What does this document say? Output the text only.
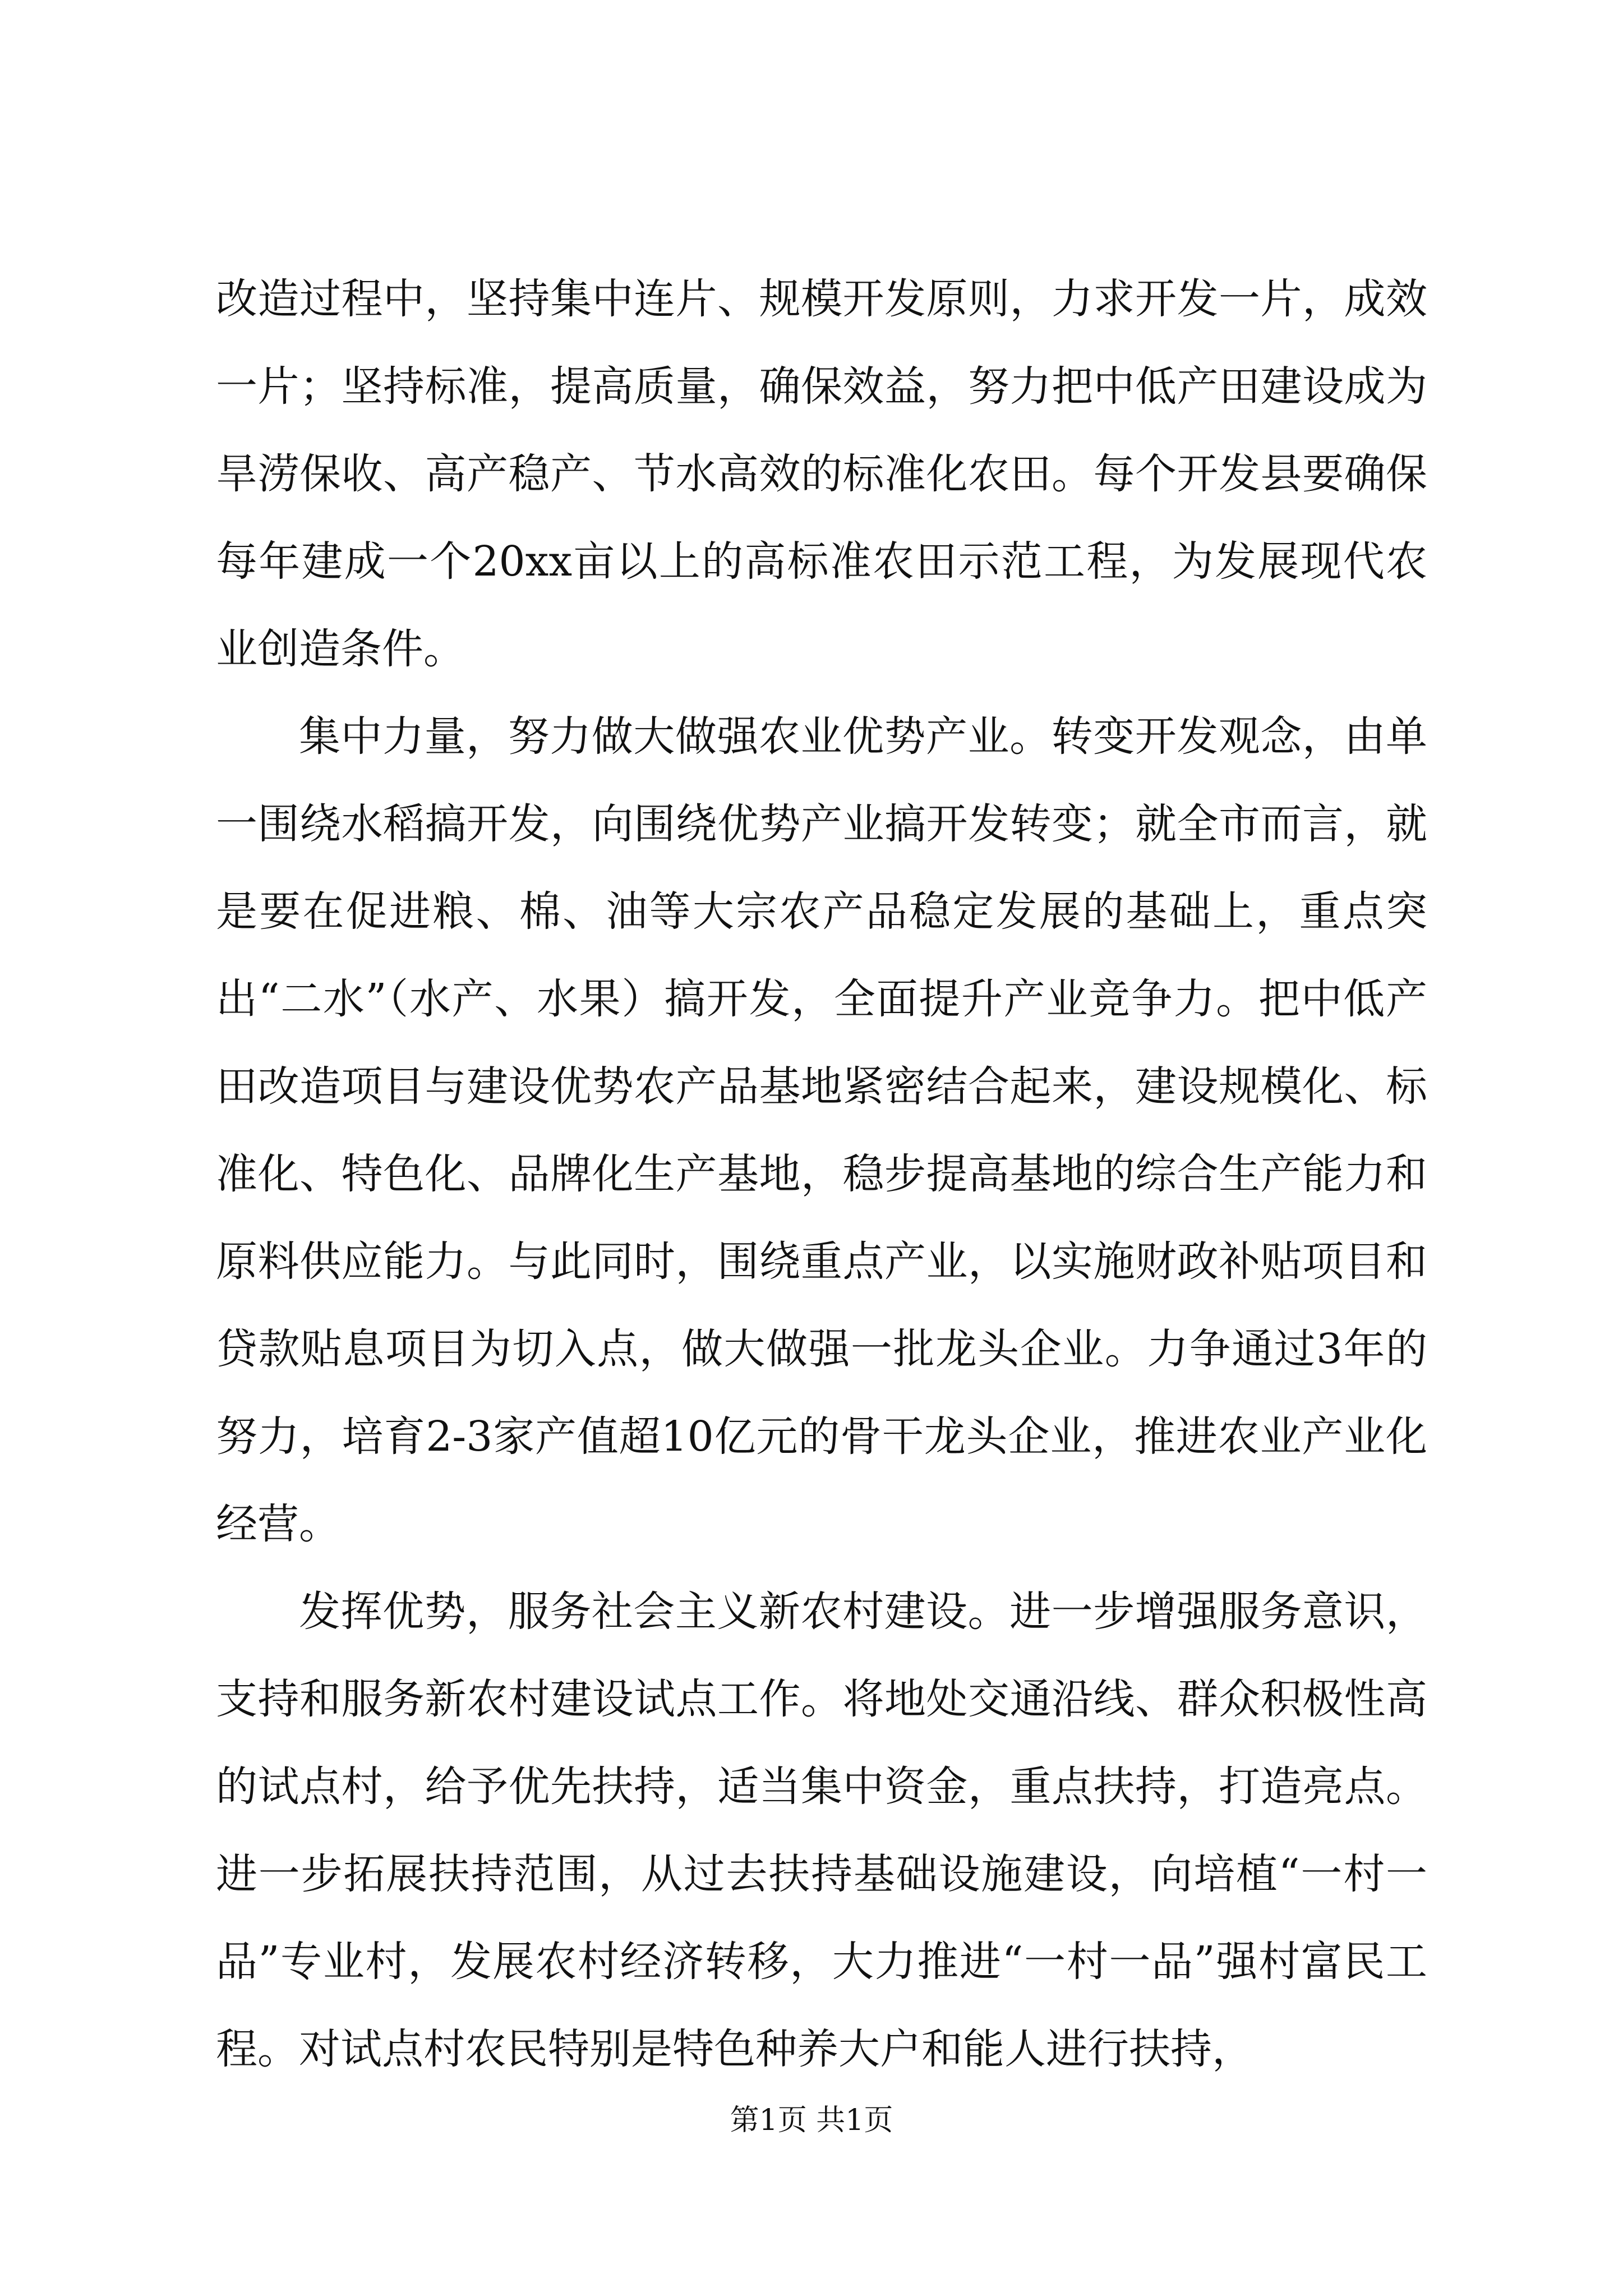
改造过程中，坚持集中连片、规模开发原则，力求开发一片，成效一片；坚持标准，提高质量，确保效益，努力把中低产田建设成为旱涝保收、高产稳产、节水高效的标准化农田。每个开发县要确保每年建成一个20xx亩以上的高标准农田示范工程，为发展现代农业创造条件。

集中力量，努力做大做强农业优势产业。转变开发观念，由单一围绕水稻搞开发，向围绕优势产业搞开发转变；就全市而言，就是要在促进粮、棉、油等大宗农产品稳定发展的基础上，重点突出“二水”（水产、水果）搞开发，全面提升产业竞争力。把中低产田改造项目与建设优势农产品基地紧密结合起来，建设规模化、标准化、特色化、品牌化生产基地，稳步提高基地的综合生产能力和原料供应能力。与此同时，围绕重点产业，以实施财政补贴项目和贷款贴息项目为切入点，做大做强一批龙头企业。力争通过3年的努力，培育2-3家产值超10亿元的骨干龙头企业，推进农业产业化经营。

发挥优势，服务社会主义新农村建设。进一步增强服务意识，支持和服务新农村建设试点工作。将地处交通沿线、群众积极性高的试点村，给予优先扶持，适当集中资金，重点扶持，打造亮点。进一步拓展扶持范围，从过去扶持基础设施建设，向培植“一村一品”专业村，发展农村经济转移，大力推进“一村一品”强村富民工程。对试点村农民特别是特色种养大户和能人进行扶持，

第1页 共1页
